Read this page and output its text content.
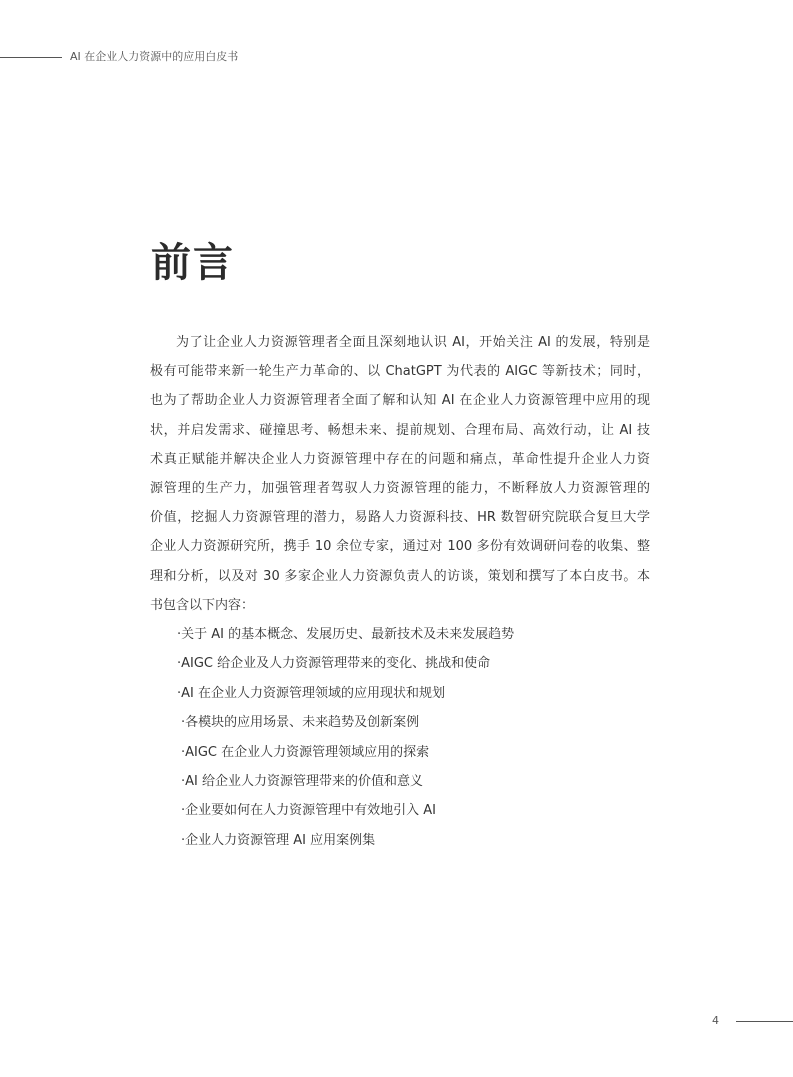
AI 在企业人力资源中的应用白皮书
前言
为了让企业人力资源管理者全面且深刻地认识 AI，开始关注 AI 的发展，特别是
极有可能带来新一轮生产力革命的、以 ChatGPT 为代表的 AIGC 等新技术；同时，
也为了帮助企业人力资源管理者全面了解和认知 AI 在企业人力资源管理中应用的现
状，并启发需求、碰撞思考、畅想未来、提前规划、合理布局、高效行动，让 AI 技
术真正赋能并解决企业人力资源管理中存在的问题和痛点，革命性提升企业人力资
源管理的生产力，加强管理者驾驭人力资源管理的能力，不断释放人力资源管理的
价值，挖掘人力资源管理的潜力，易路人力资源科技、HR 数智研究院联合复旦大学
企业人力资源研究所，携手 10 余位专家，通过对 100 多份有效调研问卷的收集、整
理和分析，以及对 30 多家企业人力资源负责人的访谈，策划和撰写了本白皮书。本
书包含以下内容：
·关于 AI 的基本概念、发展历史、最新技术及未来发展趋势
·AIGC 给企业及人力资源管理带来的变化、挑战和使命
·AI 在企业人力资源管理领域的应用现状和规划
·各模块的应用场景、未来趋势及创新案例
·AIGC 在企业人力资源管理领域应用的探索
·AI 给企业人力资源管理带来的价值和意义
·企业要如何在人力资源管理中有效地引入 AI
·企业人力资源管理 AI 应用案例集
4
